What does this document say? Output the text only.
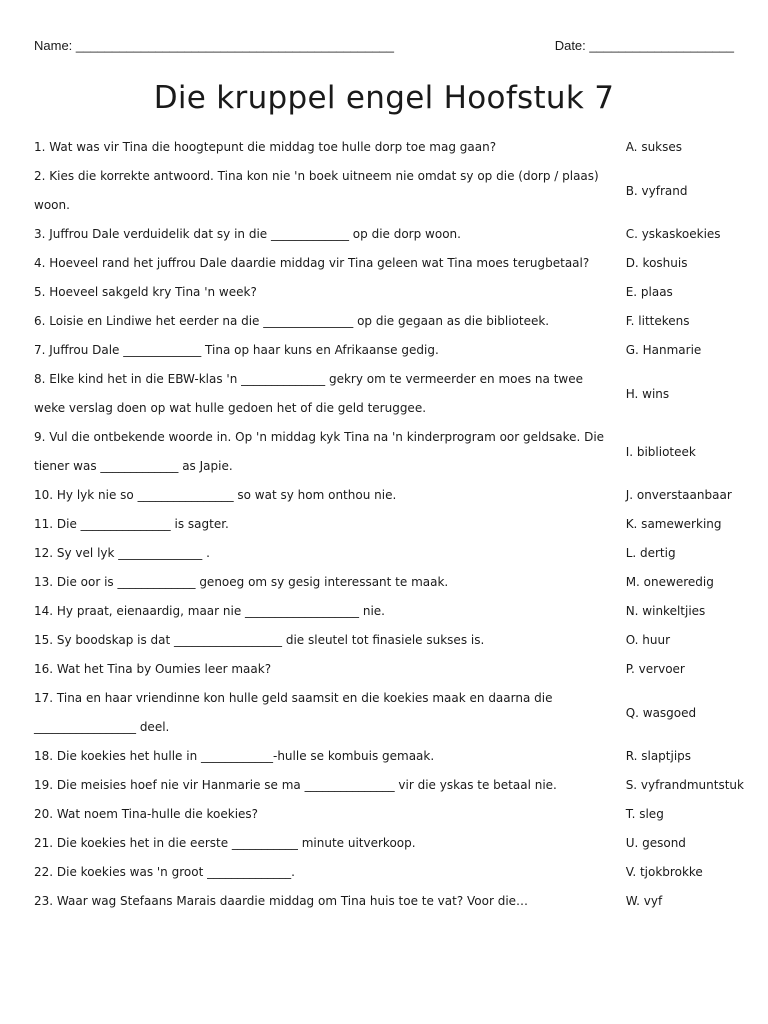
Name: ____________________________________________	Date: ____________________
Die kruppel engel Hoofstuk 7
1. Wat was vir Tina die hoogtepunt die middag toe hulle dorp toe mag gaan?	A. sukses
2. Kies die korrekte antwoord. Tina kon nie 'n boek uitneem nie omdat sy op die (dorp / plaas) woon.
B. vyfrand
3. Juffrou Dale verduidelik dat sy in die _____________ op die dorp woon.	C. yskaskoekies
4. Hoeveel rand het juffrou Dale daardie middag vir Tina geleen wat Tina moes terugbetaal?	D. koshuis
5. Hoeveel sakgeld kry Tina 'n week?	E. plaas
6. Loisie en Lindiwe het eerder na die _______________ op die gegaan as die biblioteek.	F. littekens
7. Juffrou Dale _____________ Tina op haar kuns en Afrikaanse gedig.	G. Hanmarie
8. Elke kind het in die EBW-klas 'n ______________ gekry om te vermeerder en moes na twee weke verslag doen op wat hulle gedoen het of die geld teruggee.
H. wins
9. Vul die ontbekende woorde in. Op 'n middag kyk Tina na 'n kinderprogram oor geldsake. Die tiener was _____________ as Japie.
I. biblioteek
10. Hy lyk nie so ________________ so wat sy hom onthou nie.	J. onverstaanbaar
11. Die _______________ is sagter.	K. samewerking
12. Sy vel lyk ______________ .	L. dertig
13. Die oor is _____________ genoeg om sy gesig interessant te maak.	M. oneweredig
14. Hy praat, eienaardig, maar nie ___________________ nie.	N. winkeltjies
15. Sy boodskap is dat __________________ die sleutel tot finasiele sukses is.	O. huur
16. Wat het Tina by Oumies leer maak?	P. vervoer
17. Tina en haar vriendinne kon hulle geld saamsit en die koekies maak en daarna die _________________ deel.
Q. wasgoed
18. Die koekies het hulle in ____________-hulle se kombuis gemaak.	R. slaptjips
19. Die meisies hoef nie vir Hanmarie se ma _______________ vir die yskas te betaal nie.	S. vyfrandmuntstuk
20. Wat noem Tina-hulle die koekies?	T. sleg
21. Die koekies het in die eerste ___________ minute uitverkoop.	U. gesond
22. Die koekies was 'n groot ______________.	V. tjokbrokke
23. Waar wag Stefaans Marais daardie middag om Tina huis toe te vat? Voor die…	W. vyf
